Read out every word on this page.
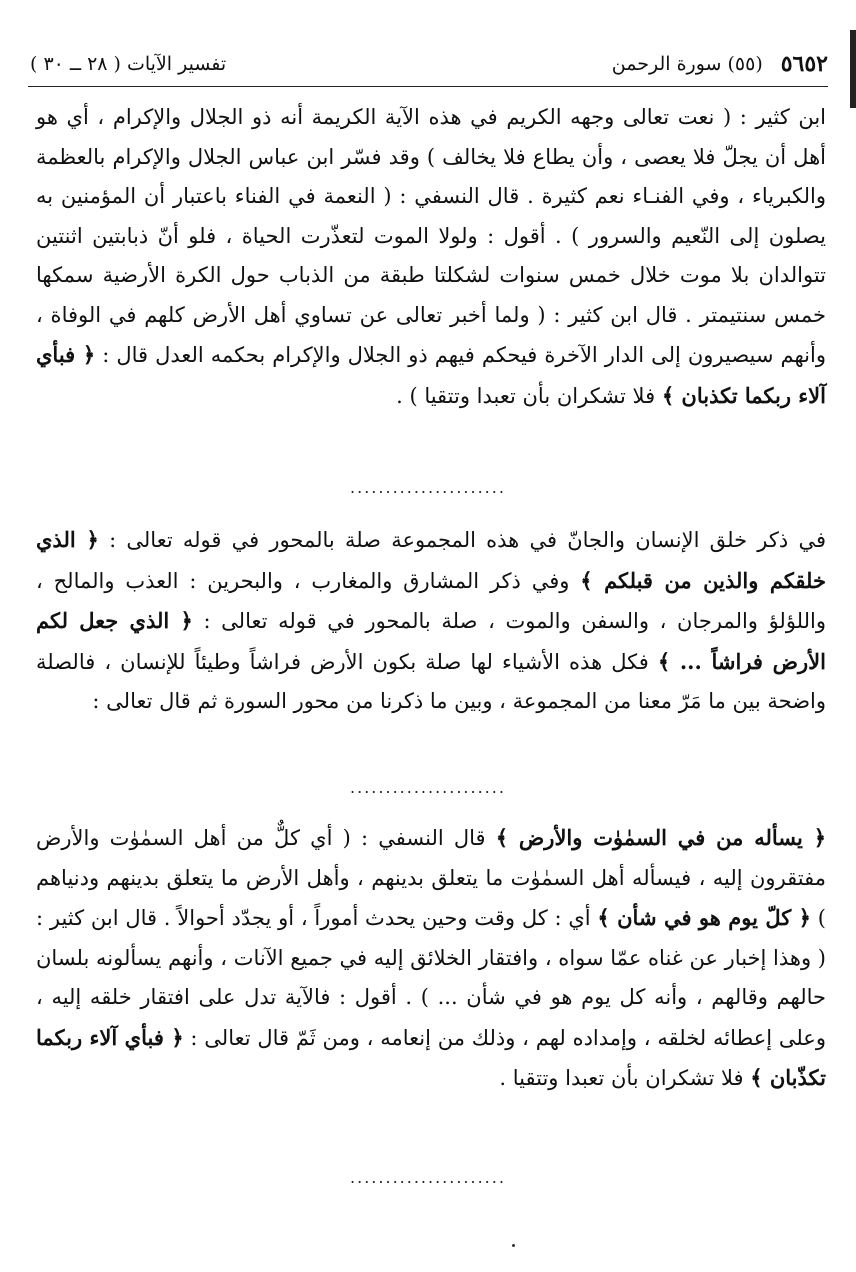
٥٦٥٢
(٥٥) سورة الرحمن
تفسير الآيات ( ٢٨ ــ ٣٠ )

ابن كثير : ( نعت تعالى وجهه الكريم في هذه الآية الكريمة أنه ذو الجلال والإكرام ، أي هو أهل أن يجلّ فلا يعصى ، وأن يطاع فلا يخالف ) وقد فسّر ابن عباس الجلال والإكرام بالعظمة والكبرياء ، وفي الفنـاء نعم كثيرة . قال النسفي : ( النعمة في الفناء باعتبار أن المؤمنين به يصلون إلى النّعيم والسرور ) . أقول : ولولا الموت لتعذّرت الحياة ، فلو أنّ ذبابتين اثنتين تتوالدان بلا موت خلال خمس سنوات لشكلتا طبقة من الذباب حول الكرة الأرضية سمكها خمس سنتيمتر . قال ابن كثير : ( ولما أخبر تعالى عن تساوي أهل الأرض كلهم في الوفاة ، وأنهم سيصيرون إلى الدار الآخرة فيحكم فيهم ذو الجلال والإكرام بحكمه العدل قال : ﴿ فبأي آلاء ربكما تكذبان ﴾ فلا تشكران بأن تعبدا وتتقيا ) .

......................

في ذكر خلق الإنسان والجانّ في هذه المجموعة صلة بالمحور في قوله تعالى : ﴿ الذي خلقكم والذين من قبلكم ﴾ وفي ذكر المشارق والمغارب ، والبحرين : العذب والمالح ، واللؤلؤ والمرجان ، والسفن والموت ، صلة بالمحور في قوله تعالى : ﴿ الذي جعل لكم الأرض فراشاً ... ﴾ فكل هذه الأشياء لها صلة بكون الأرض فراشاً وطيئاً للإنسان ، فالصلة واضحة بين ما مَرّ معنا من المجموعة ، وبين ما ذكرنا من محور السورة ثم قال تعالى :

......................

﴿ يسأله من في السمٰوٰت والأرض ﴾ قال النسفي : ( أي كلٌّ من أهل السمٰوٰت والأرض مفتقرون إليه ، فيسأله أهل السمٰوٰت ما يتعلق بدينهم ، وأهل الأرض ما يتعلق بدينهم ودنياهم ) ﴿ كلّ يوم هو في شأن ﴾ أي : كل وقت وحين يحدث أموراً ، أو يجدّد أحوالاً . قال ابن كثير : ( وهذا إخبار عن غناه عمّا سواه ، وافتقار الخلائق إليه في جميع الآنات ، وأنهم يسألونه بلسان حالهم وقالهم ، وأنه كل يوم هو في شأن ... ) . أقول : فالآية تدل على افتقار خلقه إليه ، وعلى إعطائه لخلقه ، وإمداده لهم ، وذلك من إنعامه ، ومن ثَمّ قال تعالى : ﴿ فبأي آلاء ربكما تكذّبان ﴾ فلا تشكران بأن تعبدا وتتقيا .

......................
